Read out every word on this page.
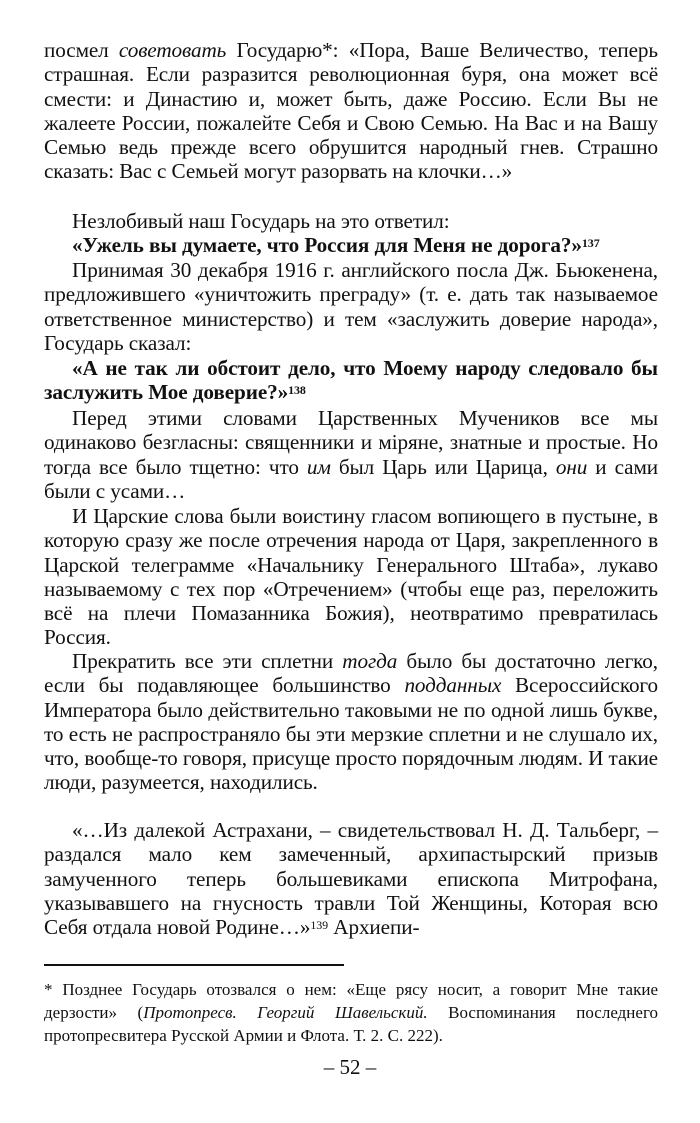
посмел советовать Государю*: «Пора, Ваше Величество, теперь страшная. Если разразится революционная буря, она может всё смести: и Династию и, может быть, даже Россию. Если Вы не жалеете России, пожалейте Себя и Свою Семью. На Вас и на Вашу Семью ведь прежде всего обрушится народный гнев. Страшно сказать: Вас с Семьей могут разорвать на клочки…»

Незлобивый наш Государь на это ответил:

«Ужель вы думаете, что Россия для Меня не дорога?»$^{137}$

Принимая 30 декабря 1916 г. английского посла Дж. Бьюкенена, предложившего «уничтожить преграду» (т. е. дать так называемое ответственное министерство) и тем «заслужить доверие народа», Государь сказал:

«А не так ли обстоит дело, что Моему народу следовало бы заслужить Мое доверие?»$^{138}$

Перед этими словами Царственных Мучеников все мы одинаково безгласны: священники и міряне, знатные и простые. Но тогда все было тщетно: что им был Царь или Царица, они и сами были с усами…

И Царские слова были воистину гласом вопиющего в пустыне, в которую сразу же после отречения народа от Царя, закрепленного в Царской телеграмме «Начальнику Генерального Штаба», лукаво называемому с тех пор «Отречением» (чтобы еще раз, переложить всё на плечи Помазанника Божия), неотвратимо превратилась Россия.

Прекратить все эти сплетни тогда было бы достаточно легко, если бы подавляющее большинство подданных Всероссийского Императора было действительно таковыми не по одной лишь букве, то есть не распространяло бы эти мерзкие сплетни и не слушало их, что, вообще-то говоря, присуще просто порядочным людям. И такие люди, разумеется, находились.

«…Из далекой Астрахани, – свидетельствовал Н. Д. Тальберг, – раздался мало кем замеченный, архипастырский призыв замученного теперь большевиками епископа Митрофана, указывавшего на гнусность травли Той Женщины, Которая всю Себя отдала новой Родине…»$^{139}$ Архиепи-

* Позднее Государь отозвался о нем: «Еще рясу носит, а говорит Мне такие дерзости» (Протопресв. Георгий Шавельский. Воспоминания последнего протопресвитера Русской Армии и Флота. Т. 2. С. 222).

– 52 –
